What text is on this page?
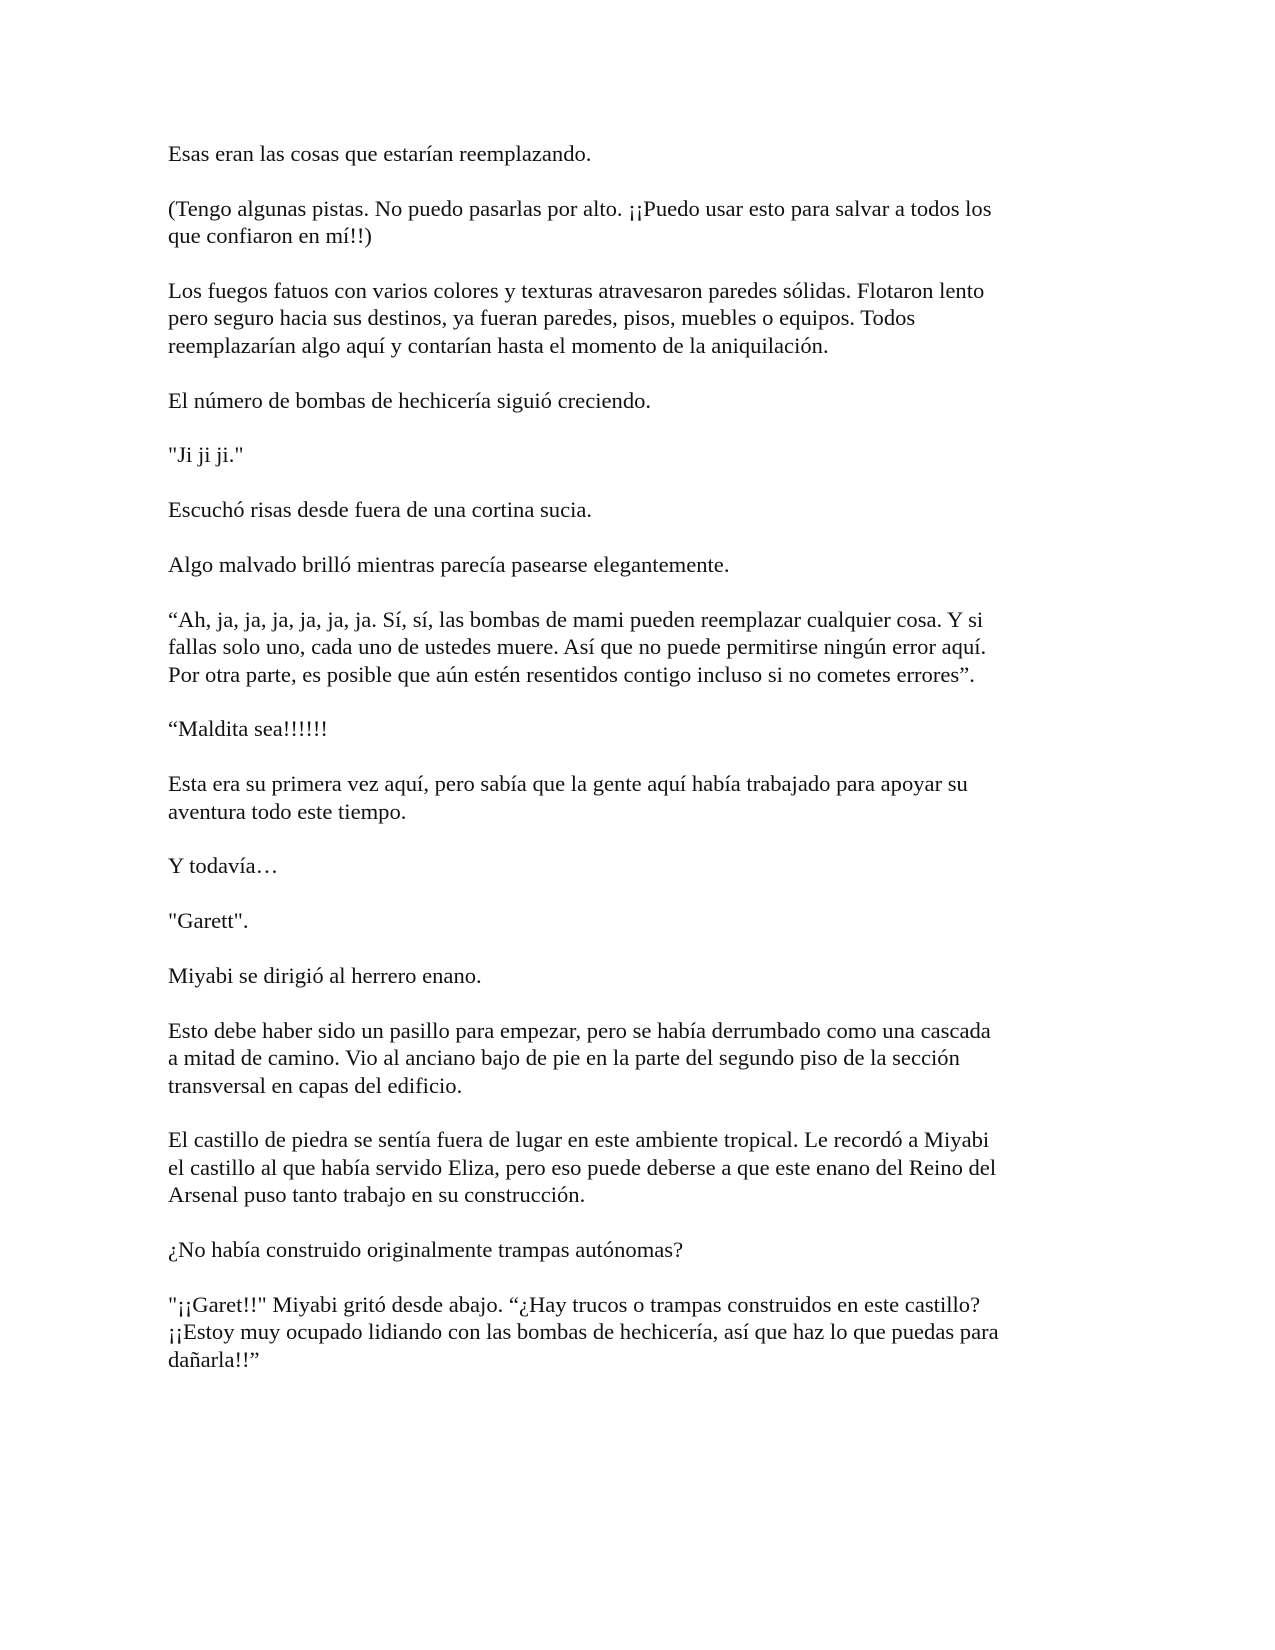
Esas eran las cosas que estarían reemplazando.

(Tengo algunas pistas. No puedo pasarlas por alto. ¡¡Puedo usar esto para salvar a todos los
que confiaron en mí!!)

Los fuegos fatuos con varios colores y texturas atravesaron paredes sólidas. Flotaron lento
pero seguro hacia sus destinos, ya fueran paredes, pisos, muebles o equipos. Todos
reemplazarían algo aquí y contarían hasta el momento de la aniquilación.

El número de bombas de hechicería siguió creciendo.

"Ji ji ji."

Escuchó risas desde fuera de una cortina sucia.

Algo malvado brilló mientras parecía pasearse elegantemente.

“Ah, ja, ja, ja, ja, ja, ja. Sí, sí, las bombas de mami pueden reemplazar cualquier cosa. Y si
fallas solo uno, cada uno de ustedes muere. Así que no puede permitirse ningún error aquí.
Por otra parte, es posible que aún estén resentidos contigo incluso si no cometes errores”.

“Maldita sea!!!!!!

Esta era su primera vez aquí, pero sabía que la gente aquí había trabajado para apoyar su
aventura todo este tiempo.

Y todavía…

"Garett".

Miyabi se dirigió al herrero enano.

Esto debe haber sido un pasillo para empezar, pero se había derrumbado como una cascada
a mitad de camino. Vio al anciano bajo de pie en la parte del segundo piso de la sección
transversal en capas del edificio.

El castillo de piedra se sentía fuera de lugar en este ambiente tropical. Le recordó a Miyabi
el castillo al que había servido Eliza, pero eso puede deberse a que este enano del Reino del
Arsenal puso tanto trabajo en su construcción.

¿No había construido originalmente trampas autónomas?

"¡¡Garet!!" Miyabi gritó desde abajo. “¿Hay trucos o trampas construidos en este castillo?
¡¡Estoy muy ocupado lidiando con las bombas de hechicería, así que haz lo que puedas para
dañarla!!”
